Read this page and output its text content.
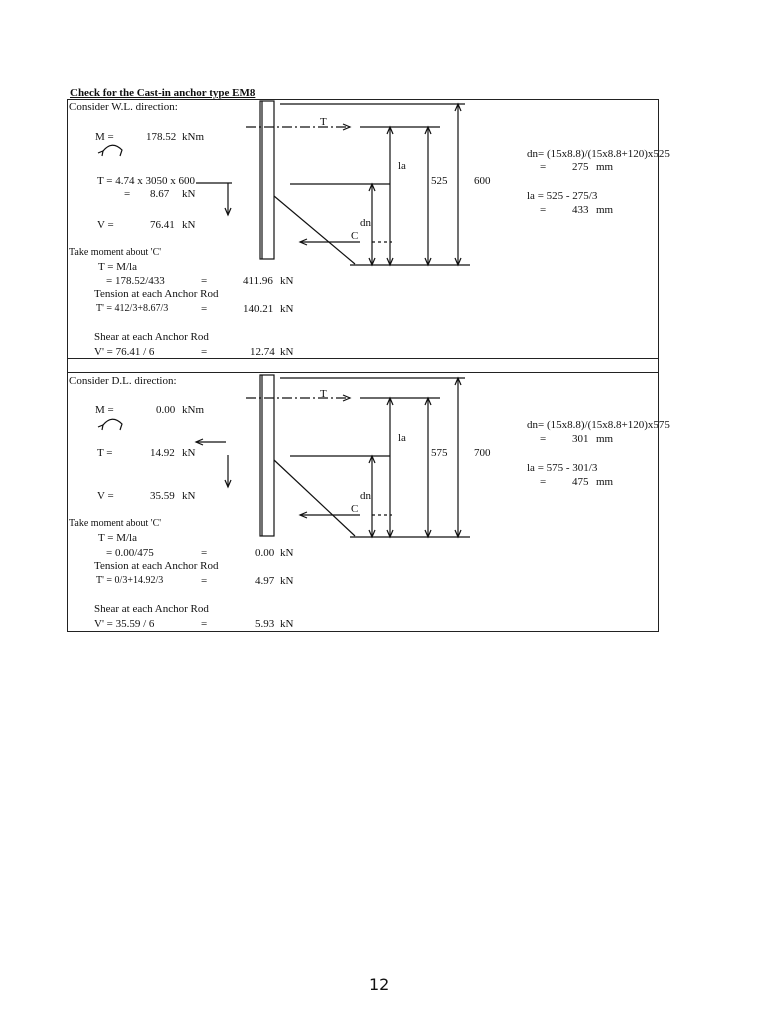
Check for the Cast-in anchor type EM8
Consider W.L. direction:
M =	178.52 kNm
T = 4.74 x 3050 x 600
= 8.67 kN
V =	76.41 kN
Take moment about 'C'
T = M/la
= 178.52/433	=	411.96 kN
Tension at each Anchor Rod
T' = 412/3+8.67/3	=	140.21 kN
Shear at each Anchor Rod
V' = 76.41 / 6	=	12.74 kN
T
la
525 600
dn
C
dn= (15x8.8)/(15x8.8+120)x525
= 275 mm
la = 525 - 275/3
= 433 mm
Consider D.L. direction:
M =	0.00 kNm
T =	14.92 kN
V =	35.59 kN
Take moment about 'C'
T = M/la
= 0.00/475	=	0.00 kN
Tension at each Anchor Rod
T' = 0/3+14.92/3	=	4.97 kN
Shear at each Anchor Rod
V' = 35.59 / 6	=	5.93 kN
T
la
575 700
dn
C
dn= (15x8.8)/(15x8.8+120)x575
= 301 mm
la = 575 - 301/3
= 475 mm
12
